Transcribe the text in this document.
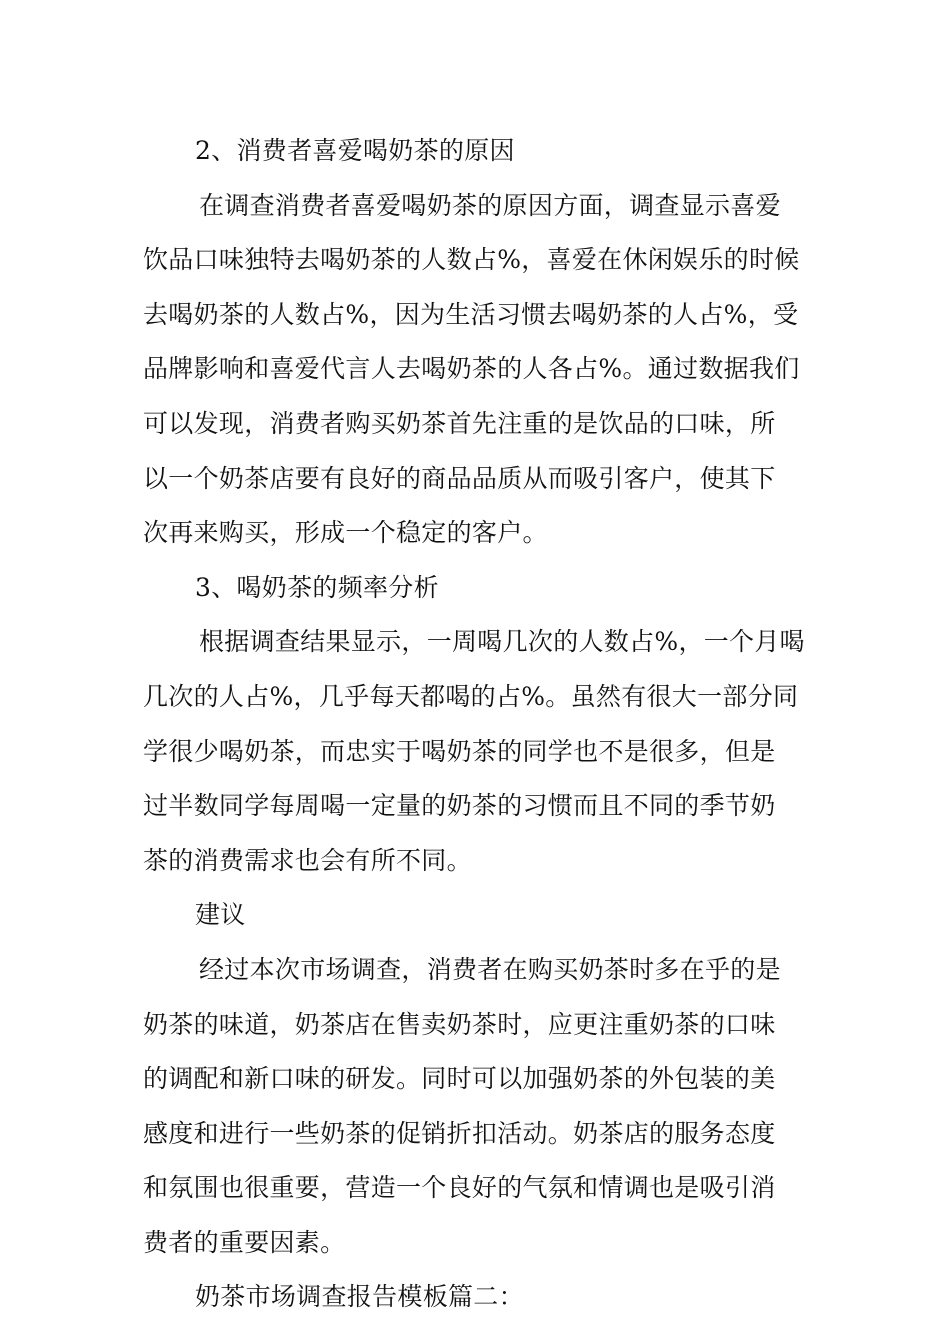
2、消费者喜爱喝奶茶的原因
在调查消费者喜爱喝奶茶的原因方面，调查显示喜爱
饮品口味独特去喝奶茶的人数占%，喜爱在休闲娱乐的时候
去喝奶茶的人数占%，因为生活习惯去喝奶茶的人占%，受
品牌影响和喜爱代言人去喝奶茶的人各占%。通过数据我们
可以发现，消费者购买奶茶首先注重的是饮品的口味，所
以一个奶茶店要有良好的商品品质从而吸引客户，使其下
次再来购买，形成一个稳定的客户。
3、喝奶茶的频率分析
根据调查结果显示，一周喝几次的人数占%，一个月喝
几次的人占%，几乎每天都喝的占%。虽然有很大一部分同
学很少喝奶茶，而忠实于喝奶茶的同学也不是很多，但是
过半数同学每周喝一定量的奶茶的习惯而且不同的季节奶
茶的消费需求也会有所不同。
建议
经过本次市场调查，消费者在购买奶茶时多在乎的是
奶茶的味道，奶茶店在售卖奶茶时，应更注重奶茶的口味
的调配和新口味的研发。同时可以加强奶茶的外包装的美
感度和进行一些奶茶的促销折扣活动。奶茶店的服务态度
和氛围也很重要，营造一个良好的气氛和情调也是吸引消
费者的重要因素。
奶茶市场调查报告模板篇二：
